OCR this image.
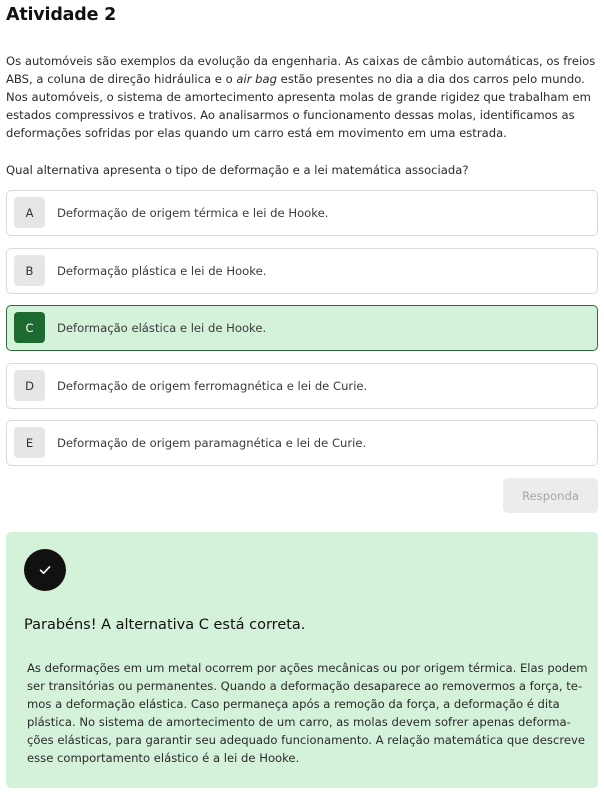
Atividade 2
Os automóveis são exemplos da evolução da engenharia. As caixas de câmbio automáticas, os freios ABS, a coluna de direção hidráulica e o air bag estão presentes no dia a dia dos carros pelo mundo. Nos automóveis, o sistema de amortecimento apresenta molas de grande rigidez que trabalham em estados compressivos e trativos. Ao analisarmos o funcionamento dessas molas, identificamos as deformações sofridas por elas quando um carro está em movimento em uma estrada.
Qual alternativa apresenta o tipo de deformação e a lei matemática associada?
A	Deformação de origem térmica e lei de Hooke.
B	Deformação plástica e lei de Hooke.
C	Deformação elástica e lei de Hooke.
D	Deformação de origem ferromagnética e lei de Curie.
E	Deformação de origem paramagnética e lei de Curie.
Responda
Parabéns! A alternativa C está correta.
As deformações em um metal ocorrem por ações mecânicas ou por origem térmica. Elas podem
ser transitórias ou permanentes. Quando a deformação desaparece ao removermos a força, te-
mos a deformação elástica. Caso permaneça após a remoção da força, a deformação é dita
plástica. No sistema de amortecimento de um carro, as molas devem sofrer apenas deforma-
ções elásticas, para garantir seu adequado funcionamento. A relação matemática que descreve
esse comportamento elástico é a lei de Hooke.
